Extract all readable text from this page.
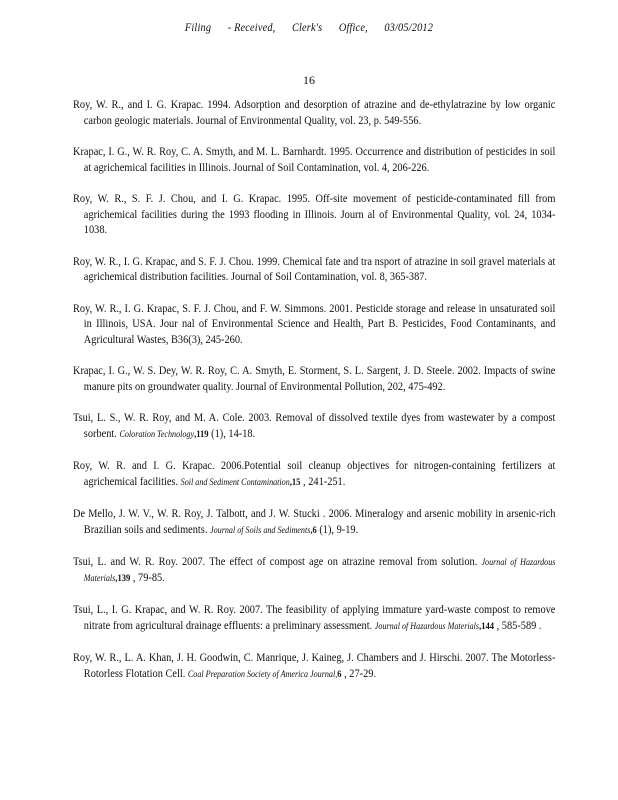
Filing - Received, Clerk's Office, 03/05/2012
16

Roy, W. R., and I. G. Krapac. 1994. Adsorption and desorption of atrazine and de-ethylatrazine by low organic carbon geologic materials. Journal of Environmental Quality, vol. 23, p. 549-556.

Krapac, I. G., W. R. Roy, C. A. Smyth, and M. L. Barnhardt. 1995. Occurrence and distribution of pesticides in soil at agrichemical facilities in Illinois. Journal of Soil Contamination, vol. 4, 206-226.

Roy, W. R., S. F. J. Chou, and I. G. Krapac. 1995. Off-site movement of pesticide-contaminated fill from agrichemical facilities during the 1993 flooding in Illinois. Journ al of Environmental Quality, vol. 24, 1034-1038.

Roy, W. R., I. G. Krapac, and S. F. J. Chou. 1999. Chemical fate and tra nsport of atrazine in soil gravel materials at agrichemical distribution facilities. Journal of Soil Contamination, vol. 8, 365-387.

Roy, W. R., I. G. Krapac, S. F. J. Chou, and F. W. Simmons. 2001. Pesticide storage and release in unsaturated soil in Illinois, USA. Jour nal of Environmental Science and Health, Part B. Pesticides, Food Contaminants, and Agricultural Wastes, B36(3), 245-260.

Krapac, I. G., W. S. Dey, W. R. Roy, C. A. Smyth, E. Storment, S. L. Sargent, J. D. Steele. 2002. Impacts of swine manure pits on groundwater quality. Journal of Environmental Pollution, 202, 475-492.

Tsui, L. S., W. R. Roy, and M. A. Cole. 2003. Removal of dissolved textile dyes from wastewater by a compost sorbent. Coloration Technology,119 (1), 14-18.

Roy, W. R. and I. G. Krapac. 2006.Potential soil cleanup objectives for nitrogen-containing fertilizers at agrichemical facilities. Soil and Sediment Contamination,15 , 241-251.

De Mello, J. W. V., W. R. Roy, J. Talbott, and J. W. Stucki . 2006. Mineralogy and arsenic mobility in arsenic-rich Brazilian soils and sediments. Journal of Soils and Sediments,6 (1), 9-19.

Tsui, L. and W. R. Roy. 2007. The effect of compost age on atrazine removal from solution. Journal of Hazardous Materials,139 , 79-85.

Tsui, L., I. G. Krapac, and W. R. Roy. 2007. The feasibility of applying immature yard-waste compost to remove nitrate from agricultural drainage effluents: a preliminary assessment. Journal of Hazardous Materials,144 , 585-589 .

Roy, W. R., L. A. Khan, J. H. Goodwin, C. Manrique, J. Kaineg, J. Chambers and J. Hirschi. 2007. The Motorless-Rotorless Flotation Cell. Coal Preparation Society of America Journal,6 , 27-29.
